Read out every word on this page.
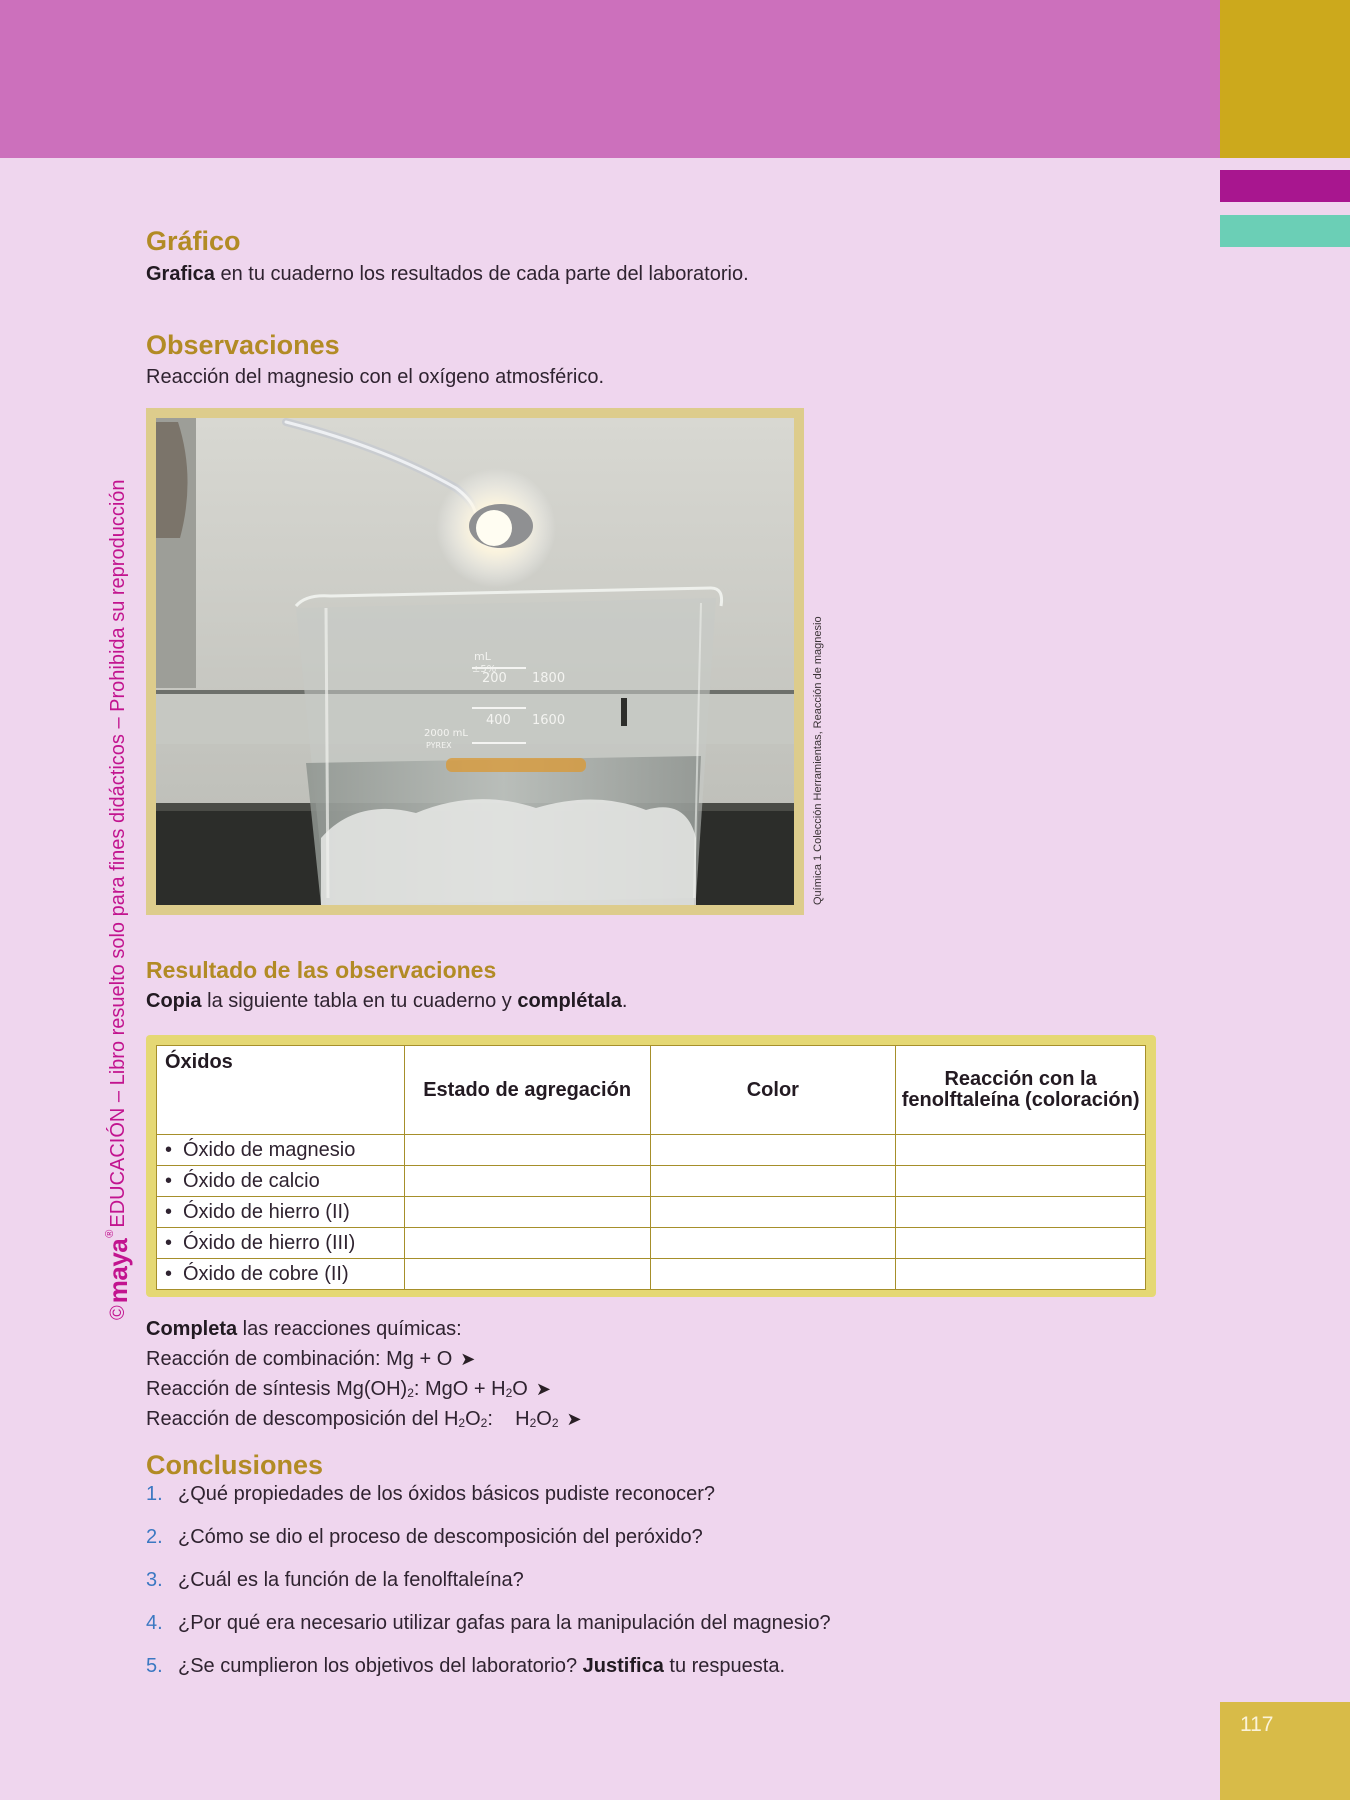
117
©
maya
®
EDUCACIÓN – Libro resuelto solo para fines didácticos – Prohibida su reproducción
Gráfico
Grafica en tu cuaderno los resultados de cada parte del laboratorio.
Observaciones
Reacción del magnesio con el oxígeno atmosférico.
mL
±5%
200 1800
400 1600
2000 mL
PYREX	Química 1 Colección Herramientas, Reacción de magnesio
Resultado de las observaciones
Copia la siguiente tabla en tu cuaderno y complétala.
Óxidos	Estado de agregación	Color	Reacción con la fenolftaleína (coloración)
• Óxido de magnesio			
• Óxido de calcio			
• Óxido de hierro (II)			
• Óxido de hierro (III)			
• Óxido de cobre (II)			
Completa las reacciones químicas:
Reacción de combinación: Mg + O ➤
Reacción de síntesis $Mg(OH)_2$: MgO + $H_2O$ ➤
Reacción de descomposición del $H_2O_2$:    $H_2O_2$ ➤
Conclusiones
1. ¿Qué propiedades de los óxidos básicos pudiste reconocer?
2. ¿Cómo se dio el proceso de descomposición del peróxido?
3. ¿Cuál es la función de la fenolftaleína?
4. ¿Por qué era necesario utilizar gafas para la manipulación del magnesio?
5. ¿Se cumplieron los objetivos del laboratorio? Justifica tu respuesta.
